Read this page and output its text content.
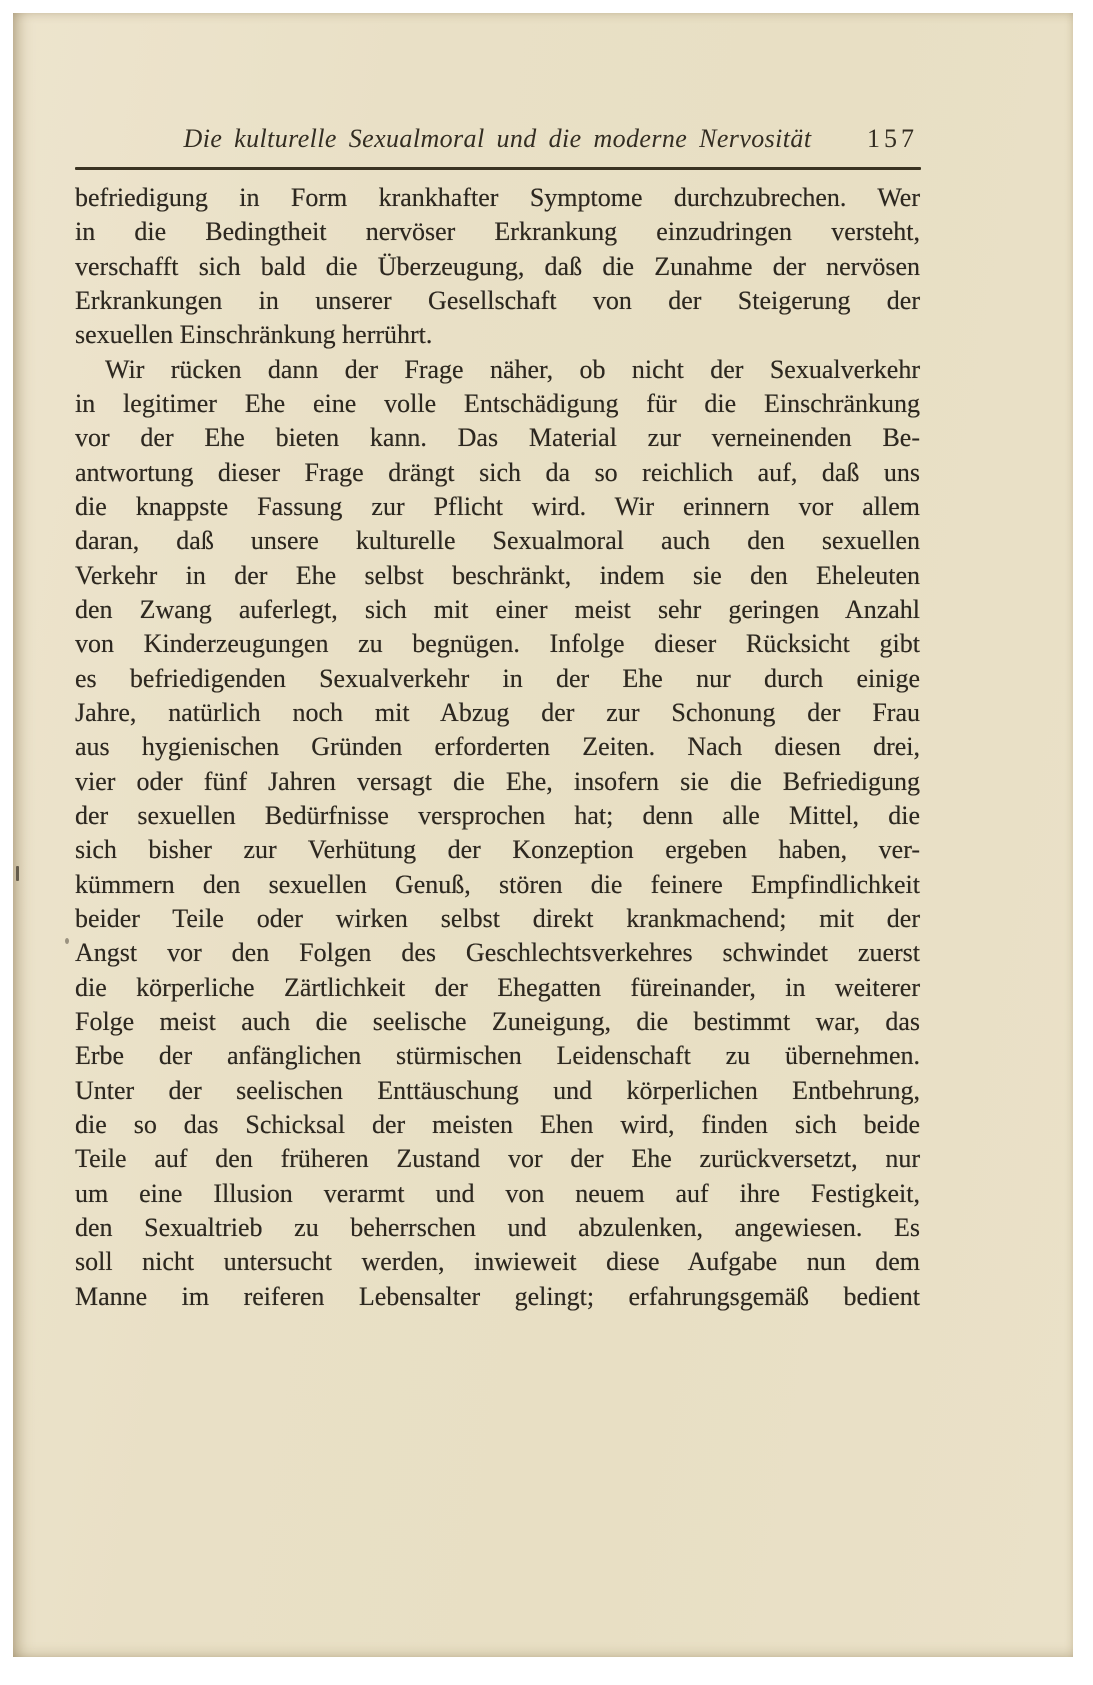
Die kulturelle Sexualmoral und die moderne Nervosität 157
befriedigung in Form krankhafter Symptome durchzubrechen. Wer
in die Bedingtheit nervöser Erkrankung einzudringen versteht,
verschafft sich bald die Überzeugung, daß die Zunahme der nervösen
Erkrankungen in unserer Gesellschaft von der Steigerung der
sexuellen Einschränkung herrührt.
Wir rücken dann der Frage näher, ob nicht der Sexualverkehr
in legitimer Ehe eine volle Entschädigung für die Einschränkung
vor der Ehe bieten kann. Das Material zur verneinenden Be-
antwortung dieser Frage drängt sich da so reichlich auf, daß uns
die knappste Fassung zur Pflicht wird. Wir erinnern vor allem
daran, daß unsere kulturelle Sexualmoral auch den sexuellen
Verkehr in der Ehe selbst beschränkt, indem sie den Eheleuten
den Zwang auferlegt, sich mit einer meist sehr geringen Anzahl
von Kinderzeugungen zu begnügen. Infolge dieser Rücksicht gibt
es befriedigenden Sexualverkehr in der Ehe nur durch einige
Jahre, natürlich noch mit Abzug der zur Schonung der Frau
aus hygienischen Gründen erforderten Zeiten. Nach diesen drei,
vier oder fünf Jahren versagt die Ehe, insofern sie die Befriedigung
der sexuellen Bedürfnisse versprochen hat; denn alle Mittel, die
sich bisher zur Verhütung der Konzeption ergeben haben, ver-
kümmern den sexuellen Genuß, stören die feinere Empfindlichkeit
beider Teile oder wirken selbst direkt krankmachend; mit der
Angst vor den Folgen des Geschlechtsverkehres schwindet zuerst
die körperliche Zärtlichkeit der Ehegatten füreinander, in weiterer
Folge meist auch die seelische Zuneigung, die bestimmt war, das
Erbe der anfänglichen stürmischen Leidenschaft zu übernehmen.
Unter der seelischen Enttäuschung und körperlichen Entbehrung,
die so das Schicksal der meisten Ehen wird, finden sich beide
Teile auf den früheren Zustand vor der Ehe zurückversetzt, nur
um eine Illusion verarmt und von neuem auf ihre Festigkeit,
den Sexualtrieb zu beherrschen und abzulenken, angewiesen. Es
soll nicht untersucht werden, inwieweit diese Aufgabe nun dem
Manne im reiferen Lebensalter gelingt; erfahrungsgemäß bedient
